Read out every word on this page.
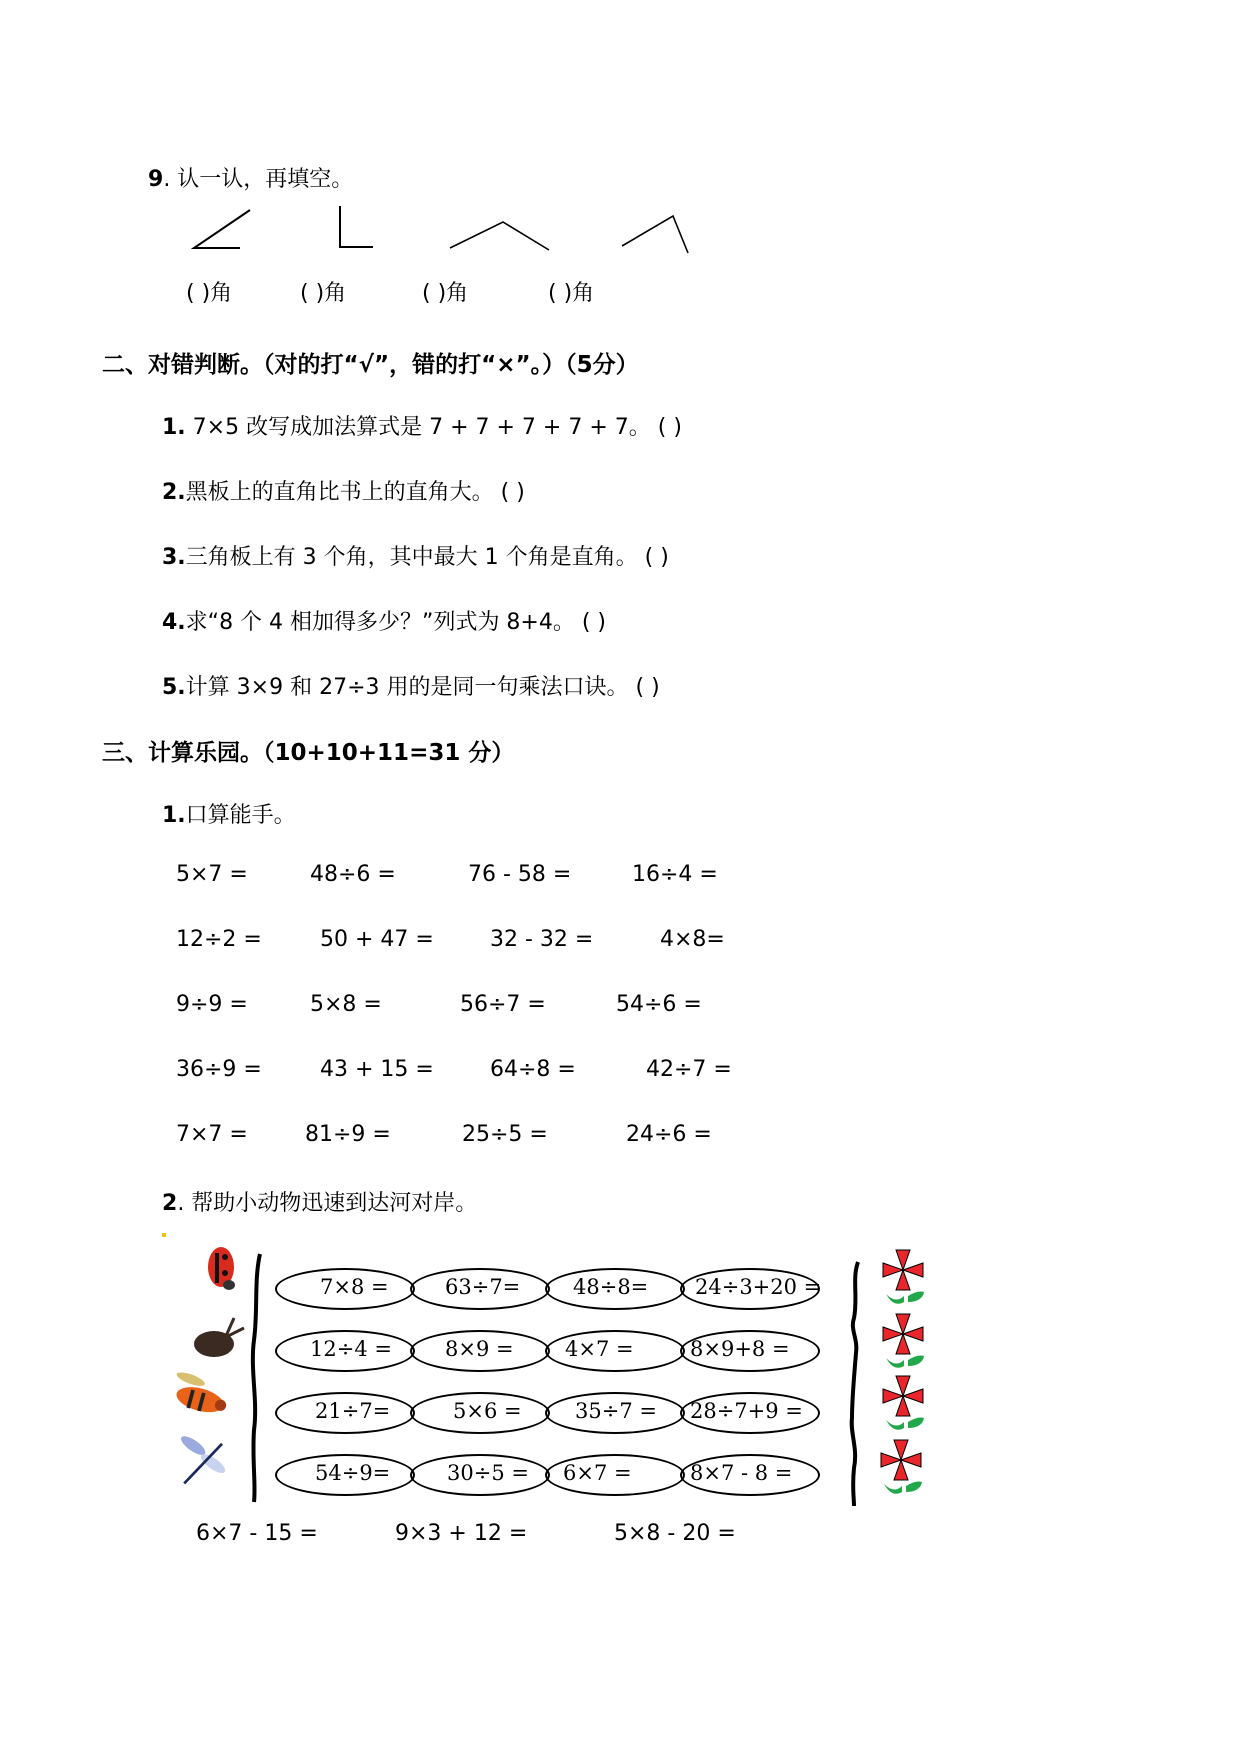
9. 认一认，再填空。
( )角	( )角	( )角	( )角
二、对错判断。（对的打“√”，错的打“×”。）（5分）
1. 7×5 改写成加法算式是 7 + 7 + 7 + 7 + 7。 ( )
2.黑板上的直角比书上的直角大。 ( )
3.三角板上有 3 个角，其中最大 1 个角是直角。 ( )
4.求“8 个 4 相加得多少？”列式为 8+4。 ( )
5.计算 3×9 和 27÷3 用的是同一句乘法口诀。 ( )
三、计算乐园。（10+10+11=31 分）
1.口算能手。
5×7 =	48÷6 =	76 - 58 =	16÷4 =
12÷2 =	50 + 47 =	32 - 32 =	4×8=
9÷9 =	5×8 =	56÷7 =	54÷6 =
36÷9 =	43 + 15 =	64÷8 =	42÷7 =
7×7 =	81÷9 =	25÷5 =	24÷6 =
2. 帮助小动物迅速到达河对岸。
7×8 =	63÷7=	48÷8= 24÷3+20 =
12÷4 =	8×9 = 4×7 =	8×9+8 =
21÷7=	5×6 =	35÷7 = 28÷7+9 =
54÷9=	30÷5 = 6×7 =	8×7 - 8 =
6×7 - 15 =	9×3 + 12 =	5×8 - 20 =
